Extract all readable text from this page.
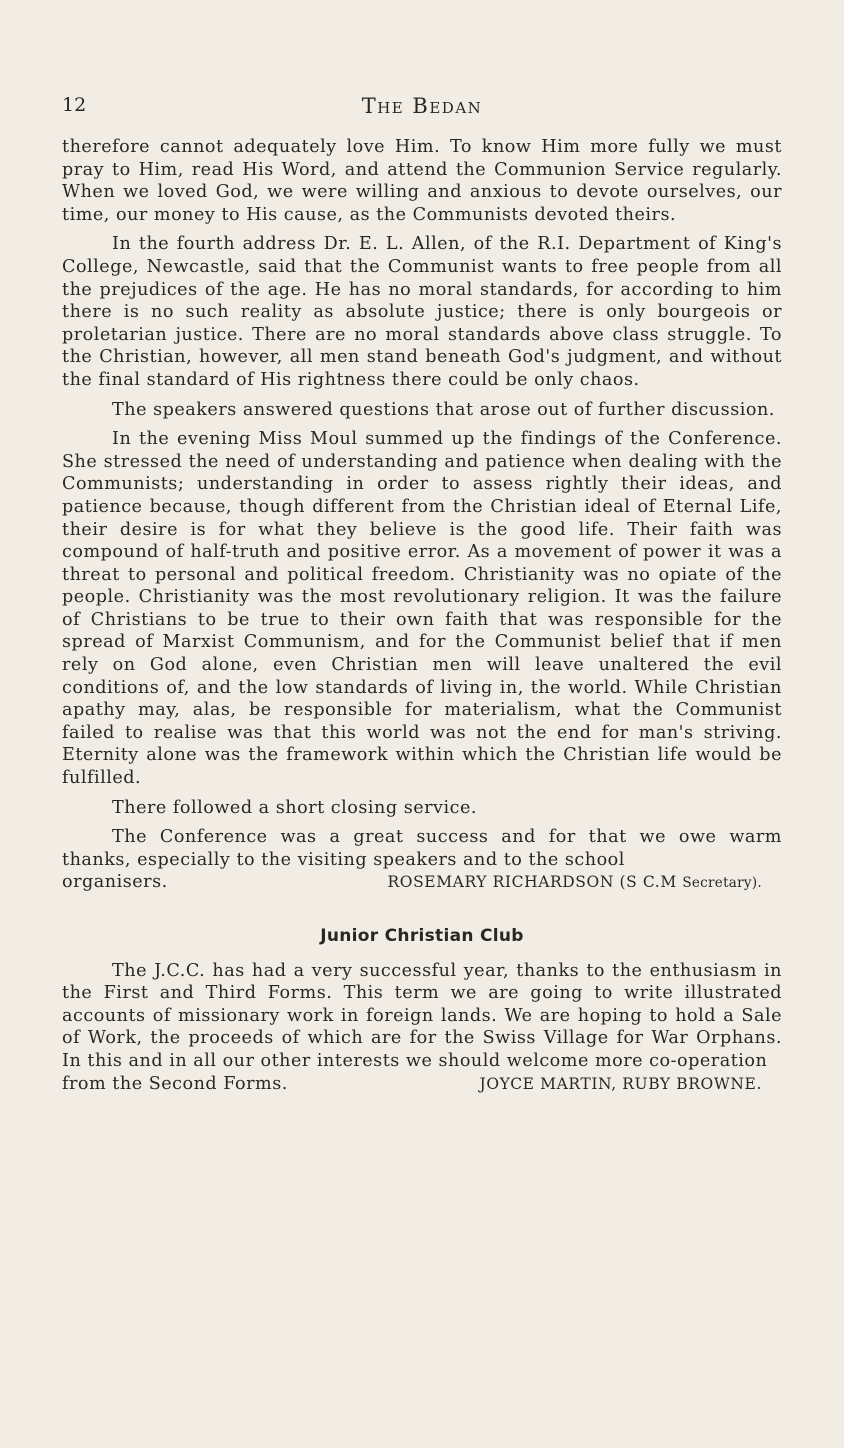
12	The Bedan

therefore cannot adequately love Him. To know Him more fully we must pray to Him, read His Word, and attend the Communion Service regularly. When we loved God, we were willing and anxious to devote ourselves, our time, our money to His cause, as the Communists devoted theirs.

In the fourth address Dr. E. L. Allen, of the R.I. Department of King's College, Newcastle, said that the Communist wants to free people from all the prejudices of the age. He has no moral standards, for according to him there is no such reality as absolute justice; there is only bourgeois or proletarian justice. There are no moral standards above class struggle. To the Christian, however, all men stand beneath God's judgment, and without the final standard of His rightness there could be only chaos.

The speakers answered questions that arose out of further discussion.

In the evening Miss Moul summed up the findings of the Conference. She stressed the need of understanding and patience when dealing with the Communists; understanding in order to assess rightly their ideas, and patience because, though different from the Christian ideal of Eternal Life, their desire is for what they believe is the good life. Their faith was compound of half-truth and positive error. As a movement of power it was a threat to personal and political freedom. Christianity was no opiate of the people. Christianity was the most revolutionary religion. It was the failure of Christians to be true to their own faith that was responsible for the spread of Marxist Communism, and for the Communist belief that if men rely on God alone, even Christian men will leave unaltered the evil conditions of, and the low standards of living in, the world. While Christian apathy may, alas, be responsible for materialism, what the Communist failed to realise was that this world was not the end for man's striving. Eternity alone was the framework within which the Christian life would be fulfilled.

There followed a short closing service.

The Conference was a great success and for that we owe warm thanks, especially to the visiting speakers and to the school

organisers.	ROSEMARY RICHARDSON (S C.M Secretary).
Junior Christian Club

The J.C.C. has had a very successful year, thanks to the enthusiasm in the First and Third Forms. This term we are going to write illustrated accounts of missionary work in foreign lands. We are hoping to hold a Sale of Work, the proceeds of which are for the Swiss Village for War Orphans. In this and in all our other interests we should welcome more co-operation

from the Second Forms.	JOYCE MARTIN, RUBY BROWNE.
